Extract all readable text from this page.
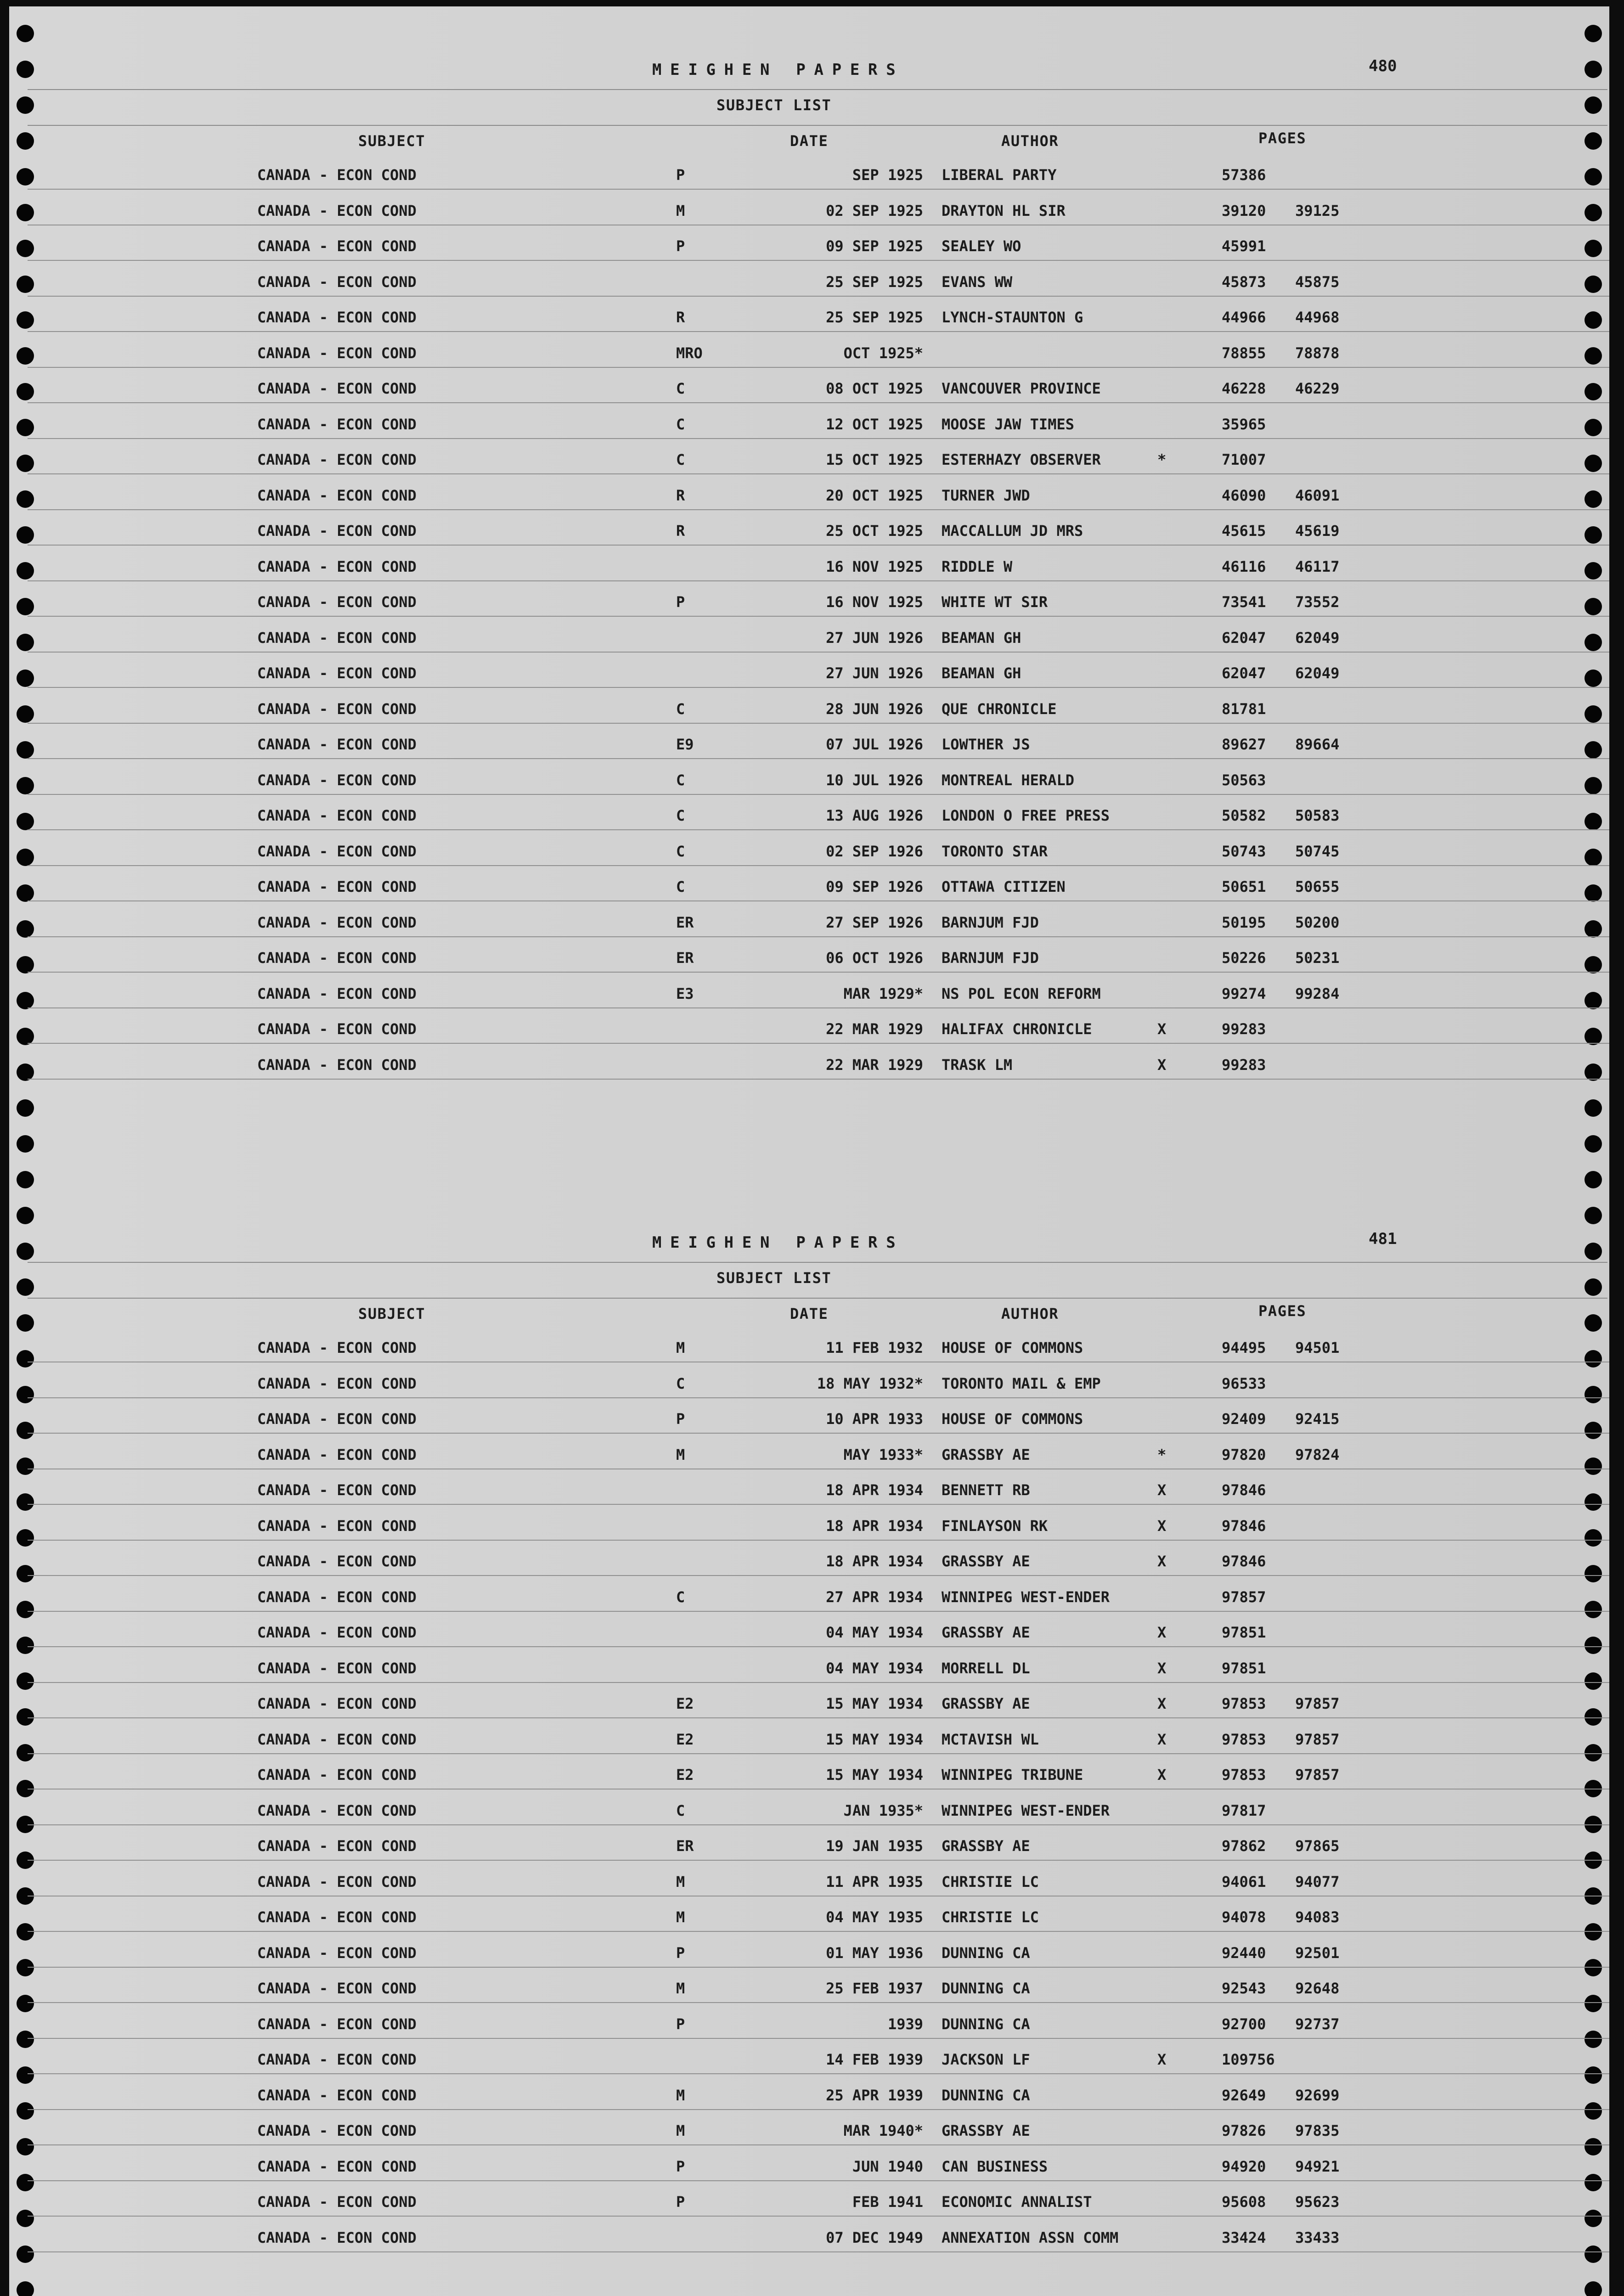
MEIGHEN PAPERS	480
SUBJECT LIST
SUBJECT	DATE	AUTHOR	PAGES
CANADA - ECON COND	P	SEP 1925 LIBERAL PARTY	57386
CANADA - ECON COND	M	02 SEP 1925 DRAYTON HL SIR	39120 39125
CANADA - ECON COND	P	09 SEP 1925 SEALEY WO	45991
CANADA - ECON COND	25 SEP 1925 EVANS WW	45873 45875
CANADA - ECON COND	R	25 SEP 1925 LYNCH-STAUNTON G	44966 44968
CANADA - ECON COND	MRO	OCT 1925*	78855 78878
CANADA - ECON COND	C	08 OCT 1925 VANCOUVER PROVINCE	46228 46229
CANADA - ECON COND	C	12 OCT 1925 MOOSE JAW TIMES	35965
CANADA - ECON COND	C	15 OCT 1925 ESTERHAZY OBSERVER	*	71007
CANADA - ECON COND	R	20 OCT 1925 TURNER JWD	46090 46091
CANADA - ECON COND	R	25 OCT 1925 MACCALLUM JD MRS	45615 45619
CANADA - ECON COND	16 NOV 1925 RIDDLE W	46116 46117
CANADA - ECON COND	P	16 NOV 1925 WHITE WT SIR	73541 73552
CANADA - ECON COND	27 JUN 1926 BEAMAN GH	62047 62049
CANADA - ECON COND	27 JUN 1926 BEAMAN GH	62047 62049
CANADA - ECON COND	C	28 JUN 1926 QUE CHRONICLE	81781
CANADA - ECON COND	E9	07 JUL 1926 LOWTHER JS	89627 89664
CANADA - ECON COND	C	10 JUL 1926 MONTREAL HERALD	50563
CANADA - ECON COND	C	13 AUG 1926 LONDON O FREE PRESS	50582 50583
CANADA - ECON COND	C	02 SEP 1926 TORONTO STAR	50743 50745
CANADA - ECON COND	C	09 SEP 1926 OTTAWA CITIZEN	50651 50655
CANADA - ECON COND	ER	27 SEP 1926 BARNJUM FJD	50195 50200
CANADA - ECON COND	ER	06 OCT 1926 BARNJUM FJD	50226 50231
CANADA - ECON COND	E3	MAR 1929* NS POL ECON REFORM	99274 99284
CANADA - ECON COND	22 MAR 1929 HALIFAX CHRONICLE	X	99283
CANADA - ECON COND	22 MAR 1929 TRASK LM	X	99283
MEIGHEN PAPERS	481
SUBJECT LIST
SUBJECT	DATE	AUTHOR	PAGES
CANADA - ECON COND	M	11 FEB 1932 HOUSE OF COMMONS	94495 94501
CANADA - ECON COND	C	18 MAY 1932* TORONTO MAIL & EMP	96533
CANADA - ECON COND	P	10 APR 1933 HOUSE OF COMMONS	92409 92415
CANADA - ECON COND	M	MAY 1933* GRASSBY AE	*	97820 97824
CANADA - ECON COND	18 APR 1934 BENNETT RB	X	97846
CANADA - ECON COND	18 APR 1934 FINLAYSON RK	X	97846
CANADA - ECON COND	18 APR 1934 GRASSBY AE	X	97846
CANADA - ECON COND	C	27 APR 1934 WINNIPEG WEST-ENDER	97857
CANADA - ECON COND	04 MAY 1934 GRASSBY AE	X	97851
CANADA - ECON COND	04 MAY 1934 MORRELL DL	X	97851
CANADA - ECON COND	E2	15 MAY 1934 GRASSBY AE	X	97853 97857
CANADA - ECON COND	E2	15 MAY 1934 MCTAVISH WL	X	97853 97857
CANADA - ECON COND	E2	15 MAY 1934 WINNIPEG TRIBUNE	X	97853 97857
CANADA - ECON COND	C	JAN 1935* WINNIPEG WEST-ENDER	97817
CANADA - ECON COND	ER	19 JAN 1935 GRASSBY AE	97862 97865
CANADA - ECON COND	M	11 APR 1935 CHRISTIE LC	94061 94077
CANADA - ECON COND	M	04 MAY 1935 CHRISTIE LC	94078 94083
CANADA - ECON COND	P	01 MAY 1936 DUNNING CA	92440 92501
CANADA - ECON COND	M	25 FEB 1937 DUNNING CA	92543 92648
CANADA - ECON COND	P	1939 DUNNING CA	92700 92737
CANADA - ECON COND	14 FEB 1939 JACKSON LF	X	109756
CANADA - ECON COND	M	25 APR 1939 DUNNING CA	92649 92699
CANADA - ECON COND	M	MAR 1940* GRASSBY AE	97826 97835
CANADA - ECON COND	P	JUN 1940 CAN BUSINESS	94920 94921
CANADA - ECON COND	P	FEB 1941 ECONOMIC ANNALIST	95608 95623
CANADA - ECON COND	07 DEC 1949 ANNEXATION ASSN COMM	33424 33433
